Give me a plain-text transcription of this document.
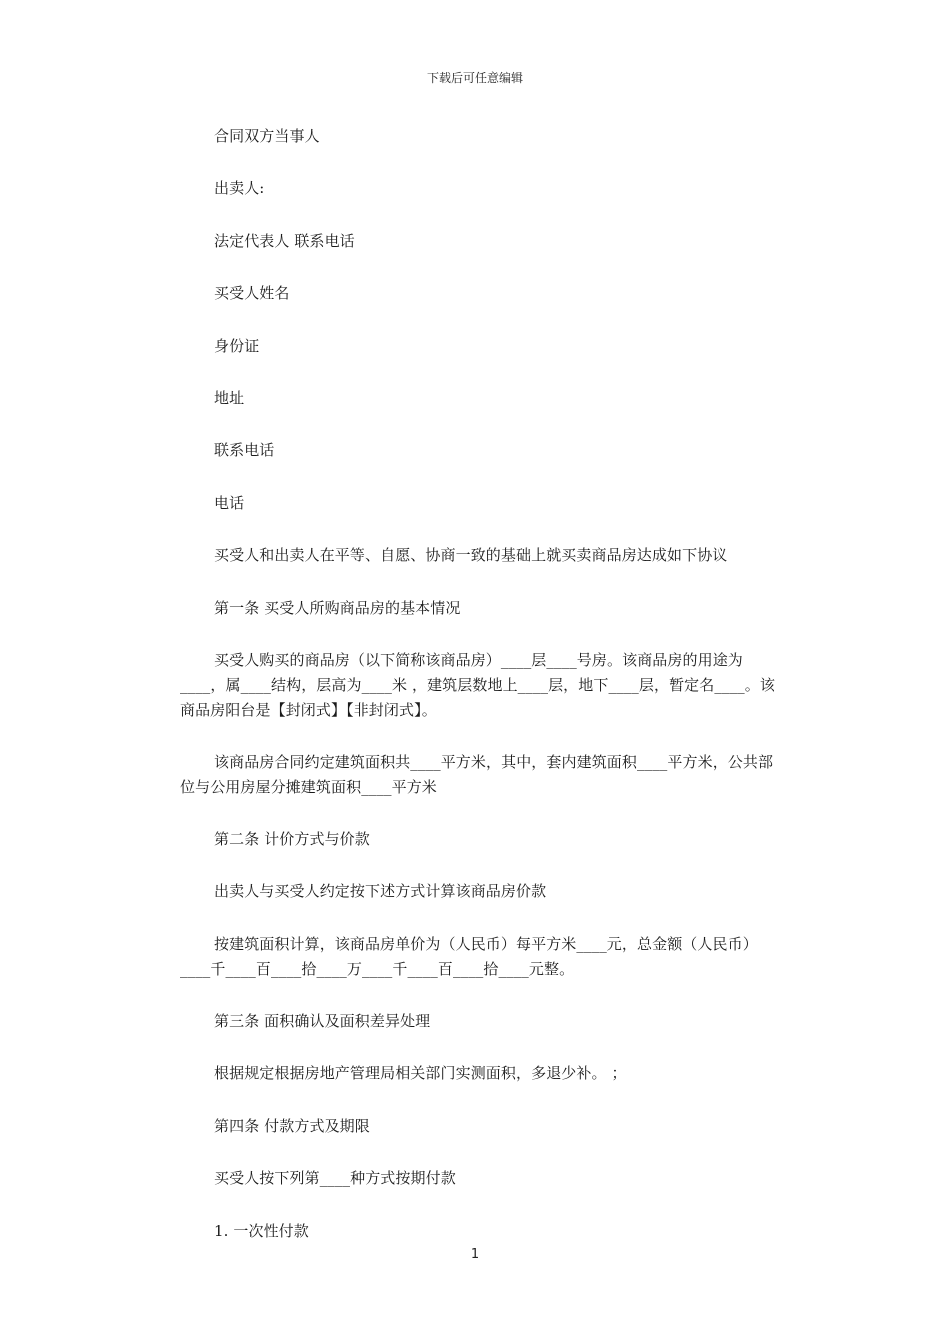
下载后可任意编辑

合同双方当事人

出卖人:

法定代表人 联系电话

买受人姓名

身份证

地址

联系电话

电话

买受人和出卖人在平等、自愿、协商一致的基础上就买卖商品房达成如下协议

第一条 买受人所购商品房的基本情况

买受人购买的商品房（以下简称该商品房）____层____号房。该商品房的用途为____，属____结构，层高为____米 ，建筑层数地上____层，地下____层，暂定名____。该商品房阳台是【封闭式】【非封闭式】。

该商品房合同约定建筑面积共____平方米，其中，套内建筑面积____平方米，公共部位与公用房屋分摊建筑面积____平方米

第二条 计价方式与价款

出卖人与买受人约定按下述方式计算该商品房价款

按建筑面积计算，该商品房单价为（人民币）每平方米____元，总金额（人民币）____千____百____拾____万____千____百____拾____元整。

第三条 面积确认及面积差异处理

根据规定根据房地产管理局相关部门实测面积，多退少补。 ；

第四条 付款方式及期限

买受人按下列第____种方式按期付款

1. 一次性付款

1
